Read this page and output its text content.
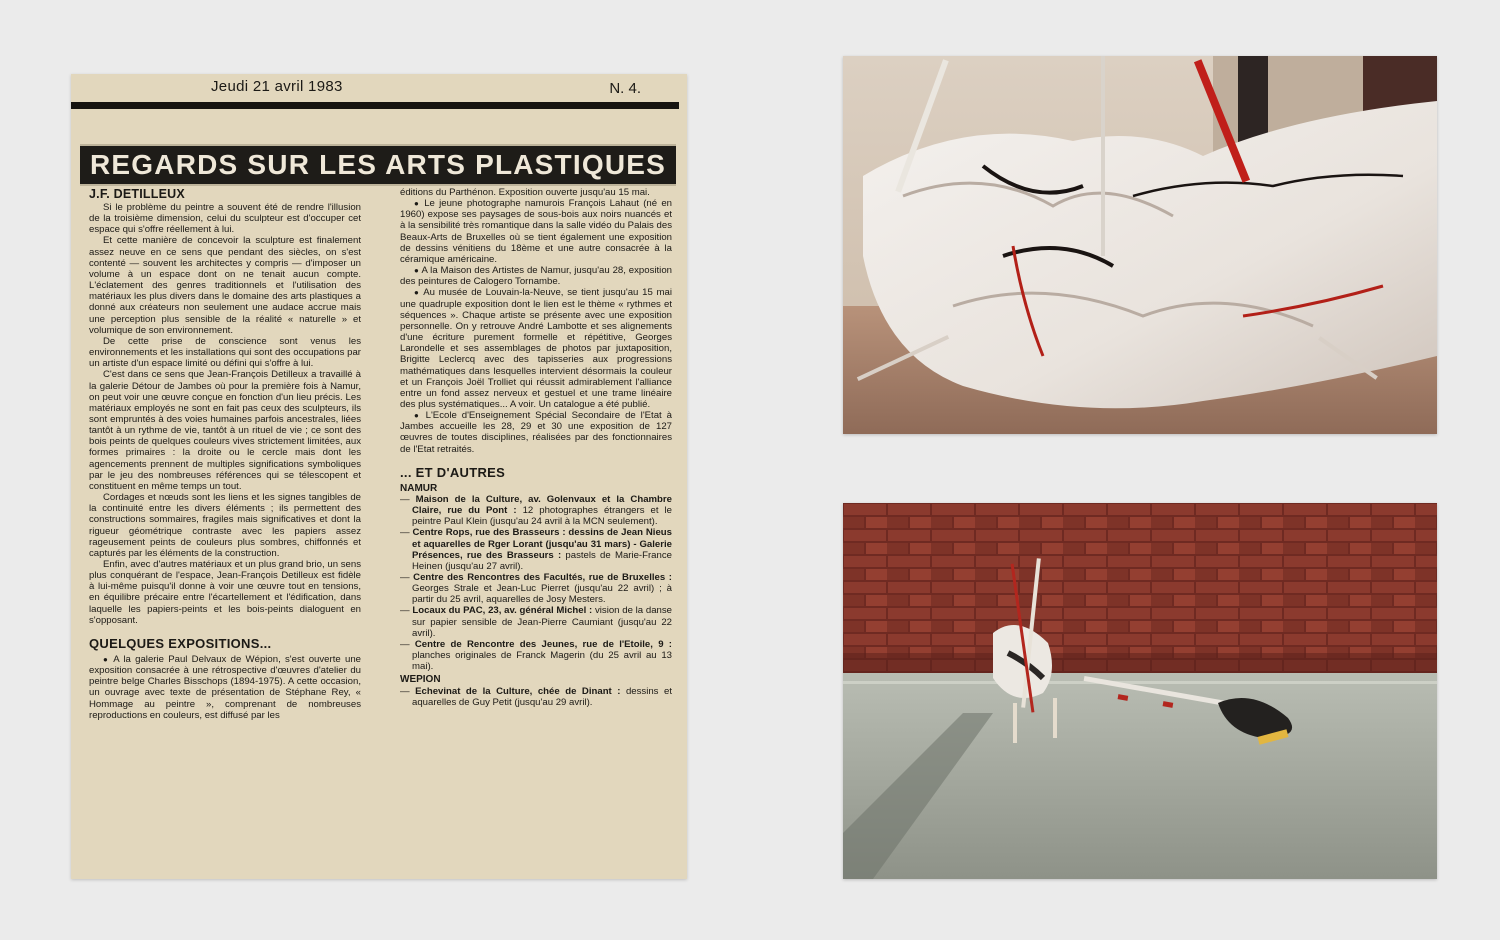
Jeudi 21 avril 1983	N. 4.
REGARDS SUR LES ARTS PLASTIQUES

J.F. DETILLEUX

Si le problème du peintre a souvent été de rendre l'illusion de la troisième dimension, celui du sculpteur est d'occuper cet espace qui s'offre réellement à lui.

Et cette manière de concevoir la sculpture est finalement assez neuve en ce sens que pendant des siècles, on s'est contenté — souvent les architectes y compris — d'imposer un volume à un espace dont on ne tenait aucun compte. L'éclatement des genres traditionnels et l'utilisation des matériaux les plus divers dans le domaine des arts plastiques a donné aux créateurs non seulement une audace accrue mais une perception plus sensible de la réalité « naturelle » et volumique de son environnement.

De cette prise de conscience sont venus les environnements et les installations qui sont des occupations par un artiste d'un espace limité ou défini qui s'offre à lui.

C'est dans ce sens que Jean-François Detilleux a travaillé à la galerie Détour de Jambes où pour la première fois à Namur, on peut voir une œuvre conçue en fonction d'un lieu précis. Les matériaux employés ne sont en fait pas ceux des sculpteurs, ils sont empruntés à des voies humaines parfois ancestrales, liées tantôt à un rythme de vie, tantôt à un rituel de vie ; ce sont des bois peints de quelques couleurs vives strictement limitées, aux formes primaires : la droite ou le cercle mais dont les agencements prennent de multiples significations symboliques par le jeu des nombreuses références qui se télescopent et constituent en même temps un tout.

Cordages et nœuds sont les liens et les signes tangibles de la continuité entre les divers éléments ; ils permettent des constructions sommaires, fragiles mais significatives et dont la rigueur géométrique contraste avec les papiers assez rageusement peints de couleurs plus sombres, chiffonnés et capturés par les éléments de la construction.

Enfin, avec d'autres matériaux et un plus grand brio, un sens plus conquérant de l'espace, Jean-François Detilleux est fidèle à lui-même puisqu'il donne à voir une œuvre tout en tensions, en équilibre précaire entre l'écartellement et l'édification, dans laquelle les papiers-peints et les bois-peints dialoguent en s'opposant.

QUELQUES EXPOSITIONS...

● A la galerie Paul Delvaux de Wépion, s'est ouverte une exposition consacrée à une rétrospective d'œuvres d'atelier du peintre belge Charles Bisschops (1894-1975). A cette occasion, un ouvrage avec texte de présentation de Stéphane Rey, « Hommage au peintre », comprenant de nombreuses reproductions en couleurs, est diffusé par les

éditions du Parthénon. Exposition ouverte jusqu'au 15 mai.

● Le jeune photographe namurois François Lahaut (né en 1960) expose ses paysages de sous-bois aux noirs nuancés et à la sensibilité très romantique dans la salle vidéo du Palais des Beaux-Arts de Bruxelles où se tient également une exposition de dessins vénitiens du 18ème et une autre consacrée à la céramique américaine.

● A la Maison des Artistes de Namur, jusqu'au 28, exposition des peintures de Calogero Tornambe.

● Au musée de Louvain-la-Neuve, se tient jusqu'au 15 mai une quadruple exposition dont le lien est le thème « rythmes et séquences ». Chaque artiste se présente avec une exposition personnelle. On y retrouve André Lambotte et ses alignements d'une écriture purement formelle et répétitive, Georges Larondelle et ses assemblages de photos par juxtaposition, Brigitte Leclercq avec des tapisseries aux progressions mathématiques dans lesquelles intervient désormais la couleur et un François Joël Trolliet qui réussit admirablement l'alliance entre un fond assez nerveux et gestuel et une trame linéaire des plus systématiques... A voir. Un catalogue a été publié.

● L'Ecole d'Enseignement Spécial Secondaire de l'Etat à Jambes accueille les 28, 29 et 30 une exposition de 127 œuvres de toutes disciplines, réalisées par des fonctionnaires de l'Etat retraités.

... ET D'AUTRES

NAMUR

— Maison de la Culture, av. Golenvaux et la Chambre Claire, rue du Pont : 12 photographes étrangers et le peintre Paul Klein (jusqu'au 24 avril à la MCN seulement).

— Centre Rops, rue des Brasseurs : dessins de Jean Nieus et aquarelles de Rger Lorant (jusqu'au 31 mars) - Galerie Présences, rue des Brasseurs : pastels de Marie-France Heinen (jusqu'au 27 avril).

— Centre des Rencontres des Facultés, rue de Bruxelles : Georges Strale et Jean-Luc Pierret (jusqu'au 22 avril) ; à partir du 25 avril, aquarelles de Josy Mesters.

— Locaux du PAC, 23, av. général Michel : vision de la danse sur papier sensible de Jean-Pierre Caumiant (jusqu'au 22 avril).

— Centre de Rencontre des Jeunes, rue de l'Etoile, 9 : planches originales de Franck Magerin (du 25 avril au 13 mai).

WEPION

— Echevinat de la Culture, chée de Dinant : dessins et aquarelles de Guy Petit (jusqu'au 29 avril).
